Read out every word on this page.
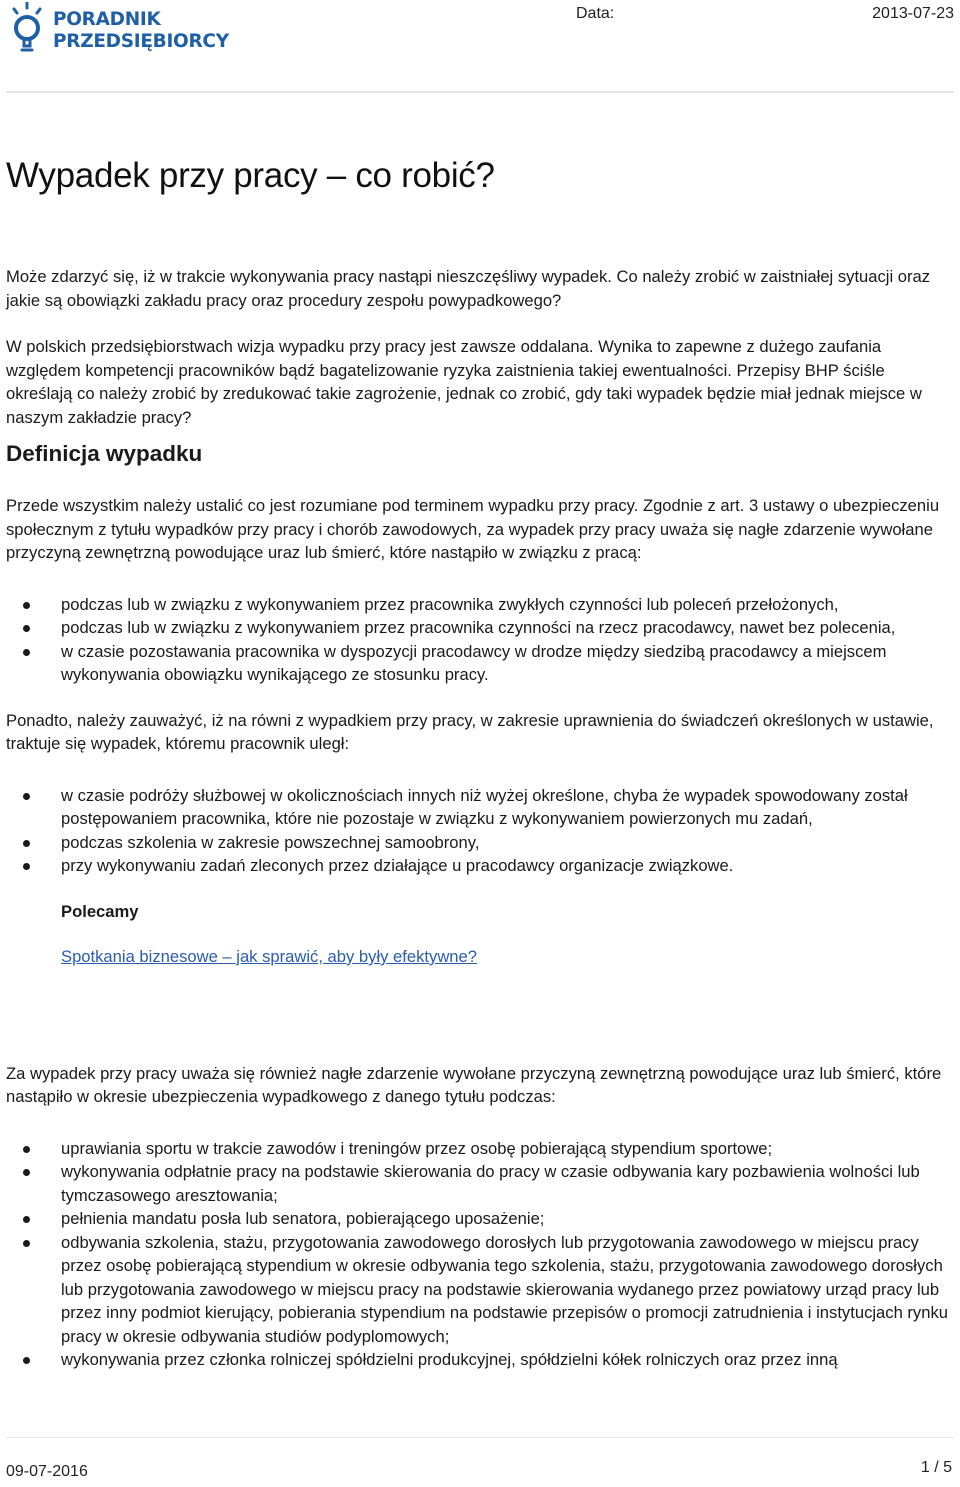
PORADNIK
PRZEDSIĘBIORCY
Data:	2013-07-23
Wypadek przy pracy – co robić?

Może zdarzyć się, iż w trakcie wykonywania pracy nastąpi nieszczęśliwy wypadek. Co należy zrobić w zaistniałej sytuacji oraz jakie są obowiązki zakładu pracy oraz procedury zespołu powypadkowego?

W polskich przedsiębiorstwach wizja wypadku przy pracy jest zawsze oddalana. Wynika to zapewne z dużego zaufania względem kompetencji pracowników bądź bagatelizowanie ryzyka zaistnienia takiej ewentualności. Przepisy BHP ściśle określają co należy zrobić by zredukować takie zagrożenie, jednak co zrobić, gdy taki wypadek będzie miał jednak miejsce w naszym zakładzie pracy?

Definicja wypadku

Przede wszystkim należy ustalić co jest rozumiane pod terminem wypadku przy pracy. Zgodnie z art. 3 ustawy o ubezpieczeniu społecznym z tytułu wypadków przy pracy i chorób zawodowych, za wypadek przy pracy uważa się nagłe zdarzenie wywołane przyczyną zewnętrzną powodujące uraz lub śmierć, które nastąpiło w związku z pracą:

podczas lub w związku z wykonywaniem przez pracownika zwykłych czynności lub poleceń przełożonych,
podczas lub w związku z wykonywaniem przez pracownika czynności na rzecz pracodawcy, nawet bez polecenia,
w czasie pozostawania pracownika w dyspozycji pracodawcy w drodze między siedzibą pracodawcy a miejscem wykonywania obowiązku wynikającego ze stosunku pracy.

Ponadto, należy zauważyć, iż na równi z wypadkiem przy pracy, w zakresie uprawnienia do świadczeń określonych w ustawie, traktuje się wypadek, któremu pracownik uległ:

w czasie podróży służbowej w okolicznościach innych niż wyżej określone, chyba że wypadek spowodowany został postępowaniem pracownika, które nie pozostaje w związku z wykonywaniem powierzonych mu zadań,
podczas szkolenia w zakresie powszechnej samoobrony,
przy wykonywaniu zadań zleconych przez działające u pracodawcy organizacje związkowe.
Polecamy
Spotkania biznesowe – jak sprawić, aby były efektywne?

Za wypadek przy pracy uważa się również nagłe zdarzenie wywołane przyczyną zewnętrzną powodujące uraz lub śmierć, które nastąpiło w okresie ubezpieczenia wypadkowego z danego tytułu podczas:

uprawiania sportu w trakcie zawodów i treningów przez osobę pobierającą stypendium sportowe;
wykonywania odpłatnie pracy na podstawie skierowania do pracy w czasie odbywania kary pozbawienia wolności lub tymczasowego aresztowania;
pełnienia mandatu posła lub senatora, pobierającego uposażenie;
odbywania szkolenia, stażu, przygotowania zawodowego dorosłych lub przygotowania zawodowego w miejscu pracy przez osobę pobierającą stypendium w okresie odbywania tego szkolenia, stażu, przygotowania zawodowego dorosłych lub przygotowania zawodowego w miejscu pracy na podstawie skierowania wydanego przez powiatowy urząd pracy lub przez inny podmiot kierujący, pobierania stypendium na podstawie przepisów o promocji zatrudnienia i instytucjach rynku pracy w okresie odbywania studiów podyplomowych;
wykonywania przez członka rolniczej spółdzielni produkcyjnej, spółdzielni kółek rolniczych oraz przez inną
09-07-2016	1 / 5
